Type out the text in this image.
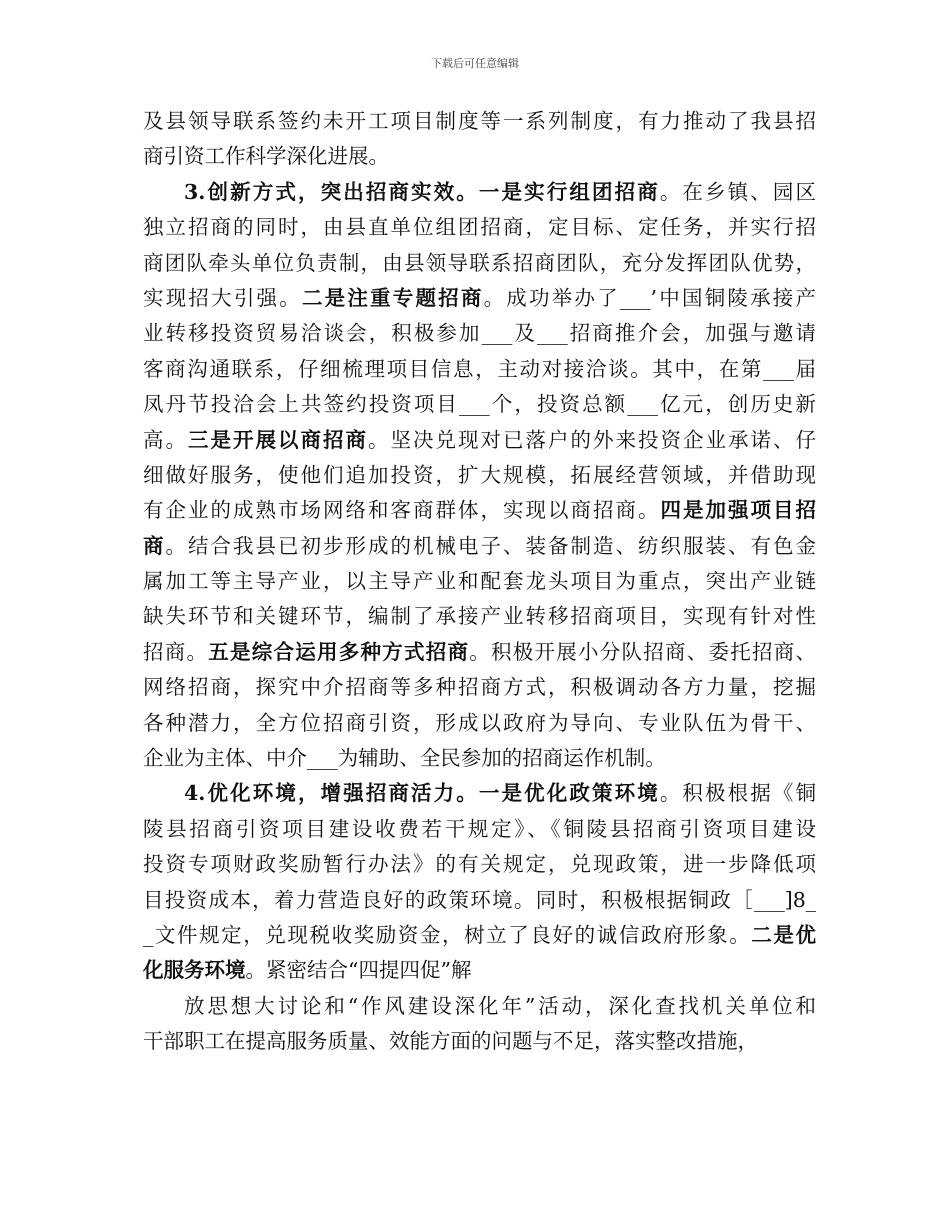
下载后可任意编辑
及县领导联系签约未开工项目制度等一系列制度，有力推动了我县招
商引资工作科学深化进展。
3.创新方式，突出招商实效。一是实行组团招商。在乡镇、园区
独立招商的同时，由县直单位组团招商，定目标、定任务，并实行招
商团队牵头单位负责制，由县领导联系招商团队，充分发挥团队优势，
实现招大引强。二是注重专题招商。成功举办了___’中国铜陵承接产
业转移投资贸易洽谈会，积极参加___及___招商推介会，加强与邀请
客商沟通联系，仔细梳理项目信息，主动对接洽谈。其中，在第___届
凤丹节投洽会上共签约投资项目___个，投资总额___亿元，创历史新
高。三是开展以商招商。坚决兑现对已落户的外来投资企业承诺、仔
细做好服务，使他们追加投资，扩大规模，拓展经营领域，并借助现
有企业的成熟市场网络和客商群体，实现以商招商。四是加强项目招
商。结合我县已初步形成的机械电子、装备制造、纺织服装、有色金
属加工等主导产业，以主导产业和配套龙头项目为重点，突出产业链
缺失环节和关键环节，编制了承接产业转移招商项目，实现有针对性
招商。五是综合运用多种方式招商。积极开展小分队招商、委托招商、
网络招商，探究中介招商等多种招商方式，积极调动各方力量，挖掘
各种潜力，全方位招商引资，形成以政府为导向、专业队伍为骨干、
企业为主体、中介___为辅助、全民参加的招商运作机制。
4.优化环境，增强招商活力。一是优化政策环境。积极根据《铜
陵县招商引资项目建设收费若干规定》、《铜陵县招商引资项目建设
投资专项财政奖励暂行办法》的有关规定，兑现政策，进一步降低项
目投资成本，着力营造良好的政策环境。同时，积极根据铜政［___]8_
_文件规定，兑现税收奖励资金，树立了良好的诚信政府形象。二是优
化服务环境。紧密结合“四提四促”解
放思想大讨论和“作风建设深化年”活动，深化查找机关单位和
干部职工在提高服务质量、效能方面的问题与不足，落实整改措施，
